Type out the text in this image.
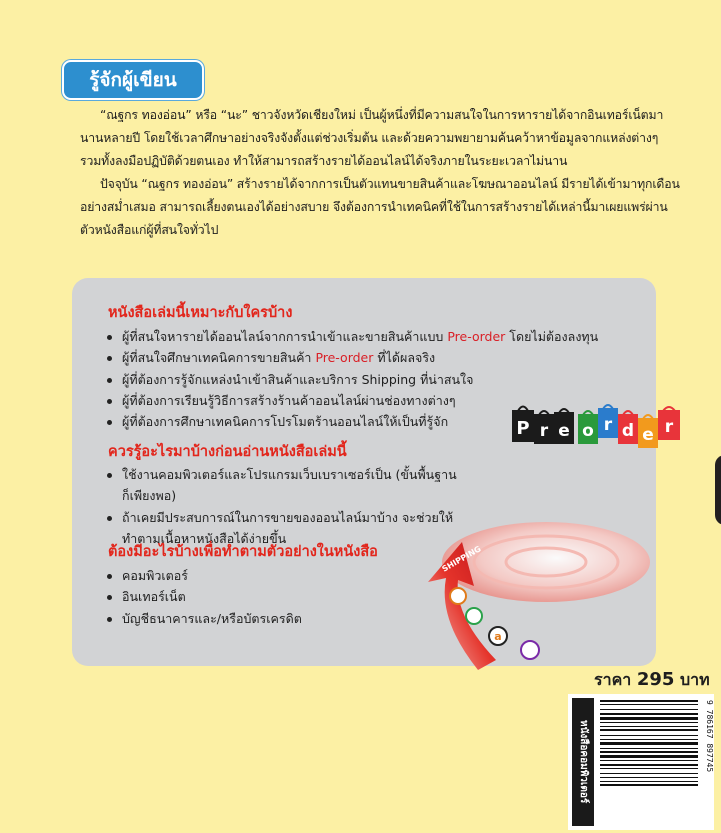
รู้จักผู้เขียน

“ณฐกร ทองอ่อน” หรือ “นะ” ชาวจังหวัดเชียงใหม่ เป็นผู้หนึ่งที่มีความสนใจในการหารายได้จากอินเทอร์เน็ตมานานหลายปี โดยใช้เวลาศึกษาอย่างจริงจังตั้งแต่ช่วงเริ่มต้น และด้วยความพยายามค้นคว้าหาข้อมูลจากแหล่งต่างๆ รวมทั้งลงมือปฏิบัติด้วยตนเอง ทำให้สามารถสร้างรายได้ออนไลน์ได้จริงภายในระยะเวลาไม่นาน

ปัจจุบัน “ณฐกร ทองอ่อน” สร้างรายได้จากการเป็นตัวแทนขายสินค้าและโฆษณาออนไลน์ มีรายได้เข้ามาทุกเดือนอย่างสม่ำเสมอ สามารถเลี้ยงตนเองได้อย่างสบาย จึงต้องการนำเทคนิคที่ใช้ในการสร้างรายได้เหล่านี้มาเผยแพร่ผ่านตัวหนังสือแก่ผู้ที่สนใจทั่วไป

หนังสือเล่มนี้เหมาะกับใครบ้าง
ผู้ที่สนใจหารายได้ออนไลน์จากการนำเข้าและขายสินค้าแบบ Pre-order โดยไม่ต้องลงทุน
ผู้ที่สนใจศึกษาเทคนิคการขายสินค้า Pre-order ที่ได้ผลจริง
ผู้ที่ต้องการรู้จักแหล่งนำเข้าสินค้าและบริการ Shipping ที่น่าสนใจ
ผู้ที่ต้องการเรียนรู้วิธีการสร้างร้านค้าออนไลน์ผ่านช่องทางต่างๆ
ผู้ที่ต้องการศึกษาเทคนิคการโปรโมตร้านออนไลน์ให้เป็นที่รู้จัก
ควรรู้อะไรมาบ้างก่อนอ่านหนังสือเล่มนี้
ใช้งานคอมพิวเตอร์และโปรแกรมเว็บเบราเซอร์เป็น (ขั้นพื้นฐานก็เพียงพอ)
ถ้าเคยมีประสบการณ์ในการขายของออนไลน์มาบ้าง จะช่วยให้ทำตามเนื้อหาหนังสือได้ง่ายขึ้น
ต้องมีอะไรบ้างเพื่อทำตามตัวอย่างในหนังสือ
คอมพิวเตอร์
อินเทอร์เน็ต
บัญชีธนาคารและ/หรือบัตรเครดิต
P r e o r d e r
SHIPPING
a
ราคา 295 บาท
หนังสือคอมพิวเตอร์	9 786167 897745
